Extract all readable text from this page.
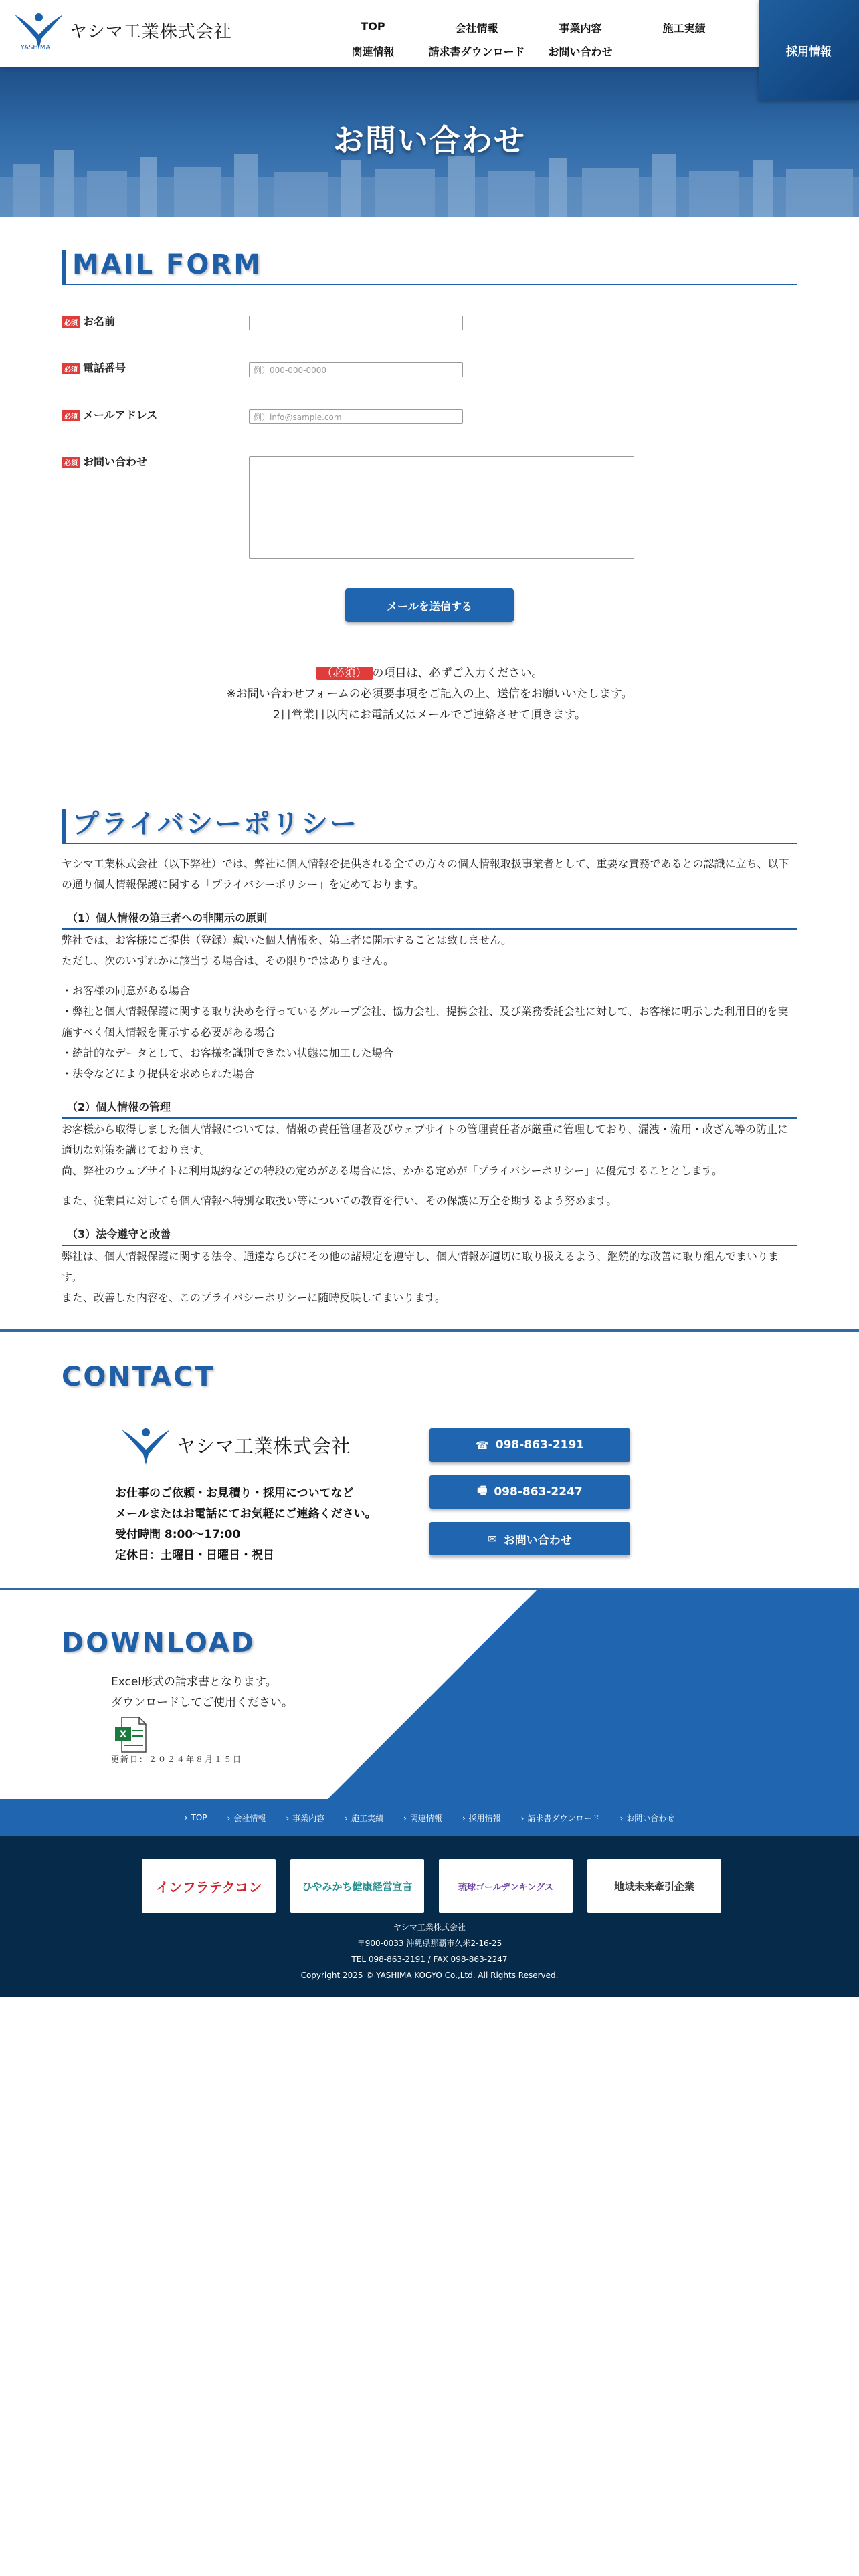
ヤシマ工業株式会社
YASHIMA
TOP	会社情報	事業内容	施工実績
関連情報	請求書ダウンロード	お問い合わせ	採用情報
お問い合わせ
MAIL FORM
必須 お名前
必須 電話番号	例）000-000-0000
必須 メールアドレス	例）info@sample.com
必須 お問い合わせ
メールを送信する
（必須） の項目は、必ずご入力ください。
※お問い合わせフォームの必須要事項をご記入の上、送信をお願いいたします。
2日営業日以内にお電話又はメールでご連絡させて頂きます。
プライバシーポリシー

ヤシマ工業株式会社（以下弊社）では、弊社に個人情報を提供される全ての方々の個人情報取扱事業者として、重要な責務であるとの認識に立ち、以下の通り個人情報保護に関する「プライバシーポリシー」を定めております。

（1）個人情報の第三者への非開示の原則

弊社では、お客様にご提供（登録）戴いた個人情報を、第三者に開示することは致しません。

ただし、次のいずれかに該当する場合は、その限りではありません。

・お客様の同意がある場合

・弊社と個人情報保護に関する取り決めを行っているグループ会社、協力会社、提携会社、及び業務委託会社に対して、お客様に明示した利用目的を実施すべく個人情報を開示する必要がある場合

・統計的なデータとして、お客様を識別できない状態に加工した場合

・法令などにより提供を求められた場合

（2）個人情報の管理

お客様から取得しました個人情報については、情報の責任管理者及びウェブサイトの管理責任者が厳重に管理しており、漏洩・流用・改ざん等の防止に適切な対策を講じております。

尚、弊社のウェブサイトに利用規約などの特段の定めがある場合には、かかる定めが「プライバシーポリシー」に優先することとします。

また、従業員に対しても個人情報へ特別な取扱い等についての教育を行い、その保護に万全を期するよう努めます。

（3）法令遵守と改善

弊社は、個人情報保護に関する法令、通達ならびにその他の諸規定を遵守し、個人情報が適切に取り扱えるよう、継続的な改善に取り組んでまいります。

また、改善した内容を、このプライバシーポリシーに随時反映してまいります。

CONTACT
ヤシマ工業株式会社
お仕事のご依頼・お見積り・採用についてなど
メールまたはお電話にてお気軽にご連絡ください。
受付時間 8:00〜17:00
定休日：土曜日・日曜日・祝日
☎ 098-863-2191
🖷 098-863-2247
✉ お問い合わせ
DOWNLOAD
Excel形式の請求書となります。
ダウンロードしてご使用ください。
X
更新日：２０２４年８月１５日
› TOP	› 会社情報	› 事業内容	› 施工実績	› 関連情報	› 採用情報	› 請求書ダウンロード	› お問い合わせ
インフラテクコン	ひやみかち健康経営宣言	琉球ゴールデンキングス	地域未来牽引企業
ヤシマ工業株式会社
〒900-0033 沖縄県那覇市久米2-16-25
TEL 098-863-2191 / FAX 098-863-2247
Copyright 2025 © YASHIMA KOGYO Co.,Ltd. All Rights Reserved.
